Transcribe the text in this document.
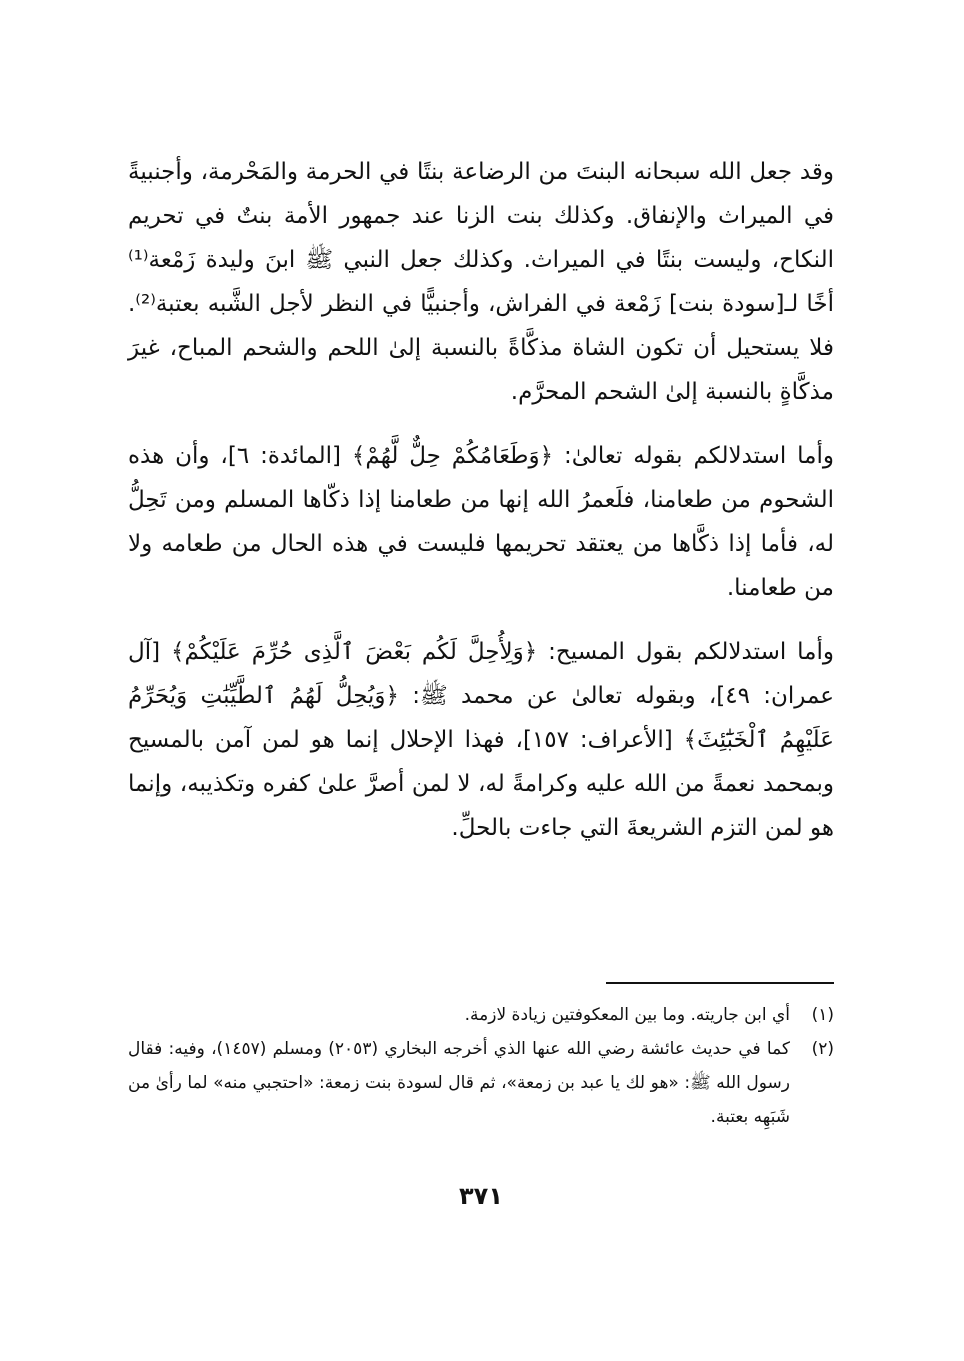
وقد جعل الله سبحانه البنتَ من الرضاعة بنتًا في الحرمة والمَحْرمة، وأجنبيةً في الميراث والإنفاق. وكذلك بنت الزنا عند جمهور الأمة بنتٌ في تحريم النكاح، وليست بنتًا في الميراث. وكذلك جعل النبي ﷺ ابنَ وليدة زَمْعة⁽¹⁾ أخًا لـ[سودة بنت] زَمْعة في الفراش، وأجنبيًّا في النظر لأجل الشَّبه بعتبة⁽²⁾. فلا يستحيل أن تكون الشاة مذكَّاةً بالنسبة إلىٰ اللحم والشحم المباح، غيرَ مذكَّاةٍ بالنسبة إلىٰ الشحم المحرَّم.

وأما استدلالكم بقوله تعالىٰ: ﴿وَطَعَامُكُمْ حِلٌّ لَّهُمْ﴾ [المائدة: ٦]، وأن هذه الشحوم من طعامنا، فلَعمرُ الله إنها من طعامنا إذا ذكّاها المسلم ومن تَحِلُّ له، فأما إذا ذكَّاها من يعتقد تحريمها فليست في هذه الحال من طعامه ولا من طعامنا.

وأما استدلالكم بقول المسيح: ﴿وَلِأُحِلَّ لَكُم بَعْضَ ٱلَّذِى حُرِّمَ عَلَيْكُمْ﴾ [آل عمران: ٤٩]، وبقوله تعالىٰ عن محمد ﷺ: ﴿وَيُحِلُّ لَهُمُ ٱلطَّيِّبَٰتِ وَيُحَرِّمُ عَلَيْهِمُ ٱلْخَبَٰٓئِثَ﴾ [الأعراف: ١٥٧]، فهذا الإحلال إنما هو لمن آمن بالمسيح وبمحمد نعمةً من الله عليه وكرامةً له، لا لمن أصرَّ علىٰ كفره وتكذيبه، وإنما هو لمن التزم الشريعةَ التي جاءت بالحلِّ.

(١)
أي ابن جاريته. وما بين المعكوفتين زيادة لازمة.
(٢)
كما في حديث عائشة رضي الله عنها الذي أخرجه البخاري (٢٠٥٣) ومسلم (١٤٥٧)، وفيه: فقال رسول الله ﷺ: «هو لك يا عبد بن زمعة»، ثم قال لسودة بنت زمعة: «احتجبي منه» لما رأىٰ من شَبَهِه بعتبة.
٣٧١
